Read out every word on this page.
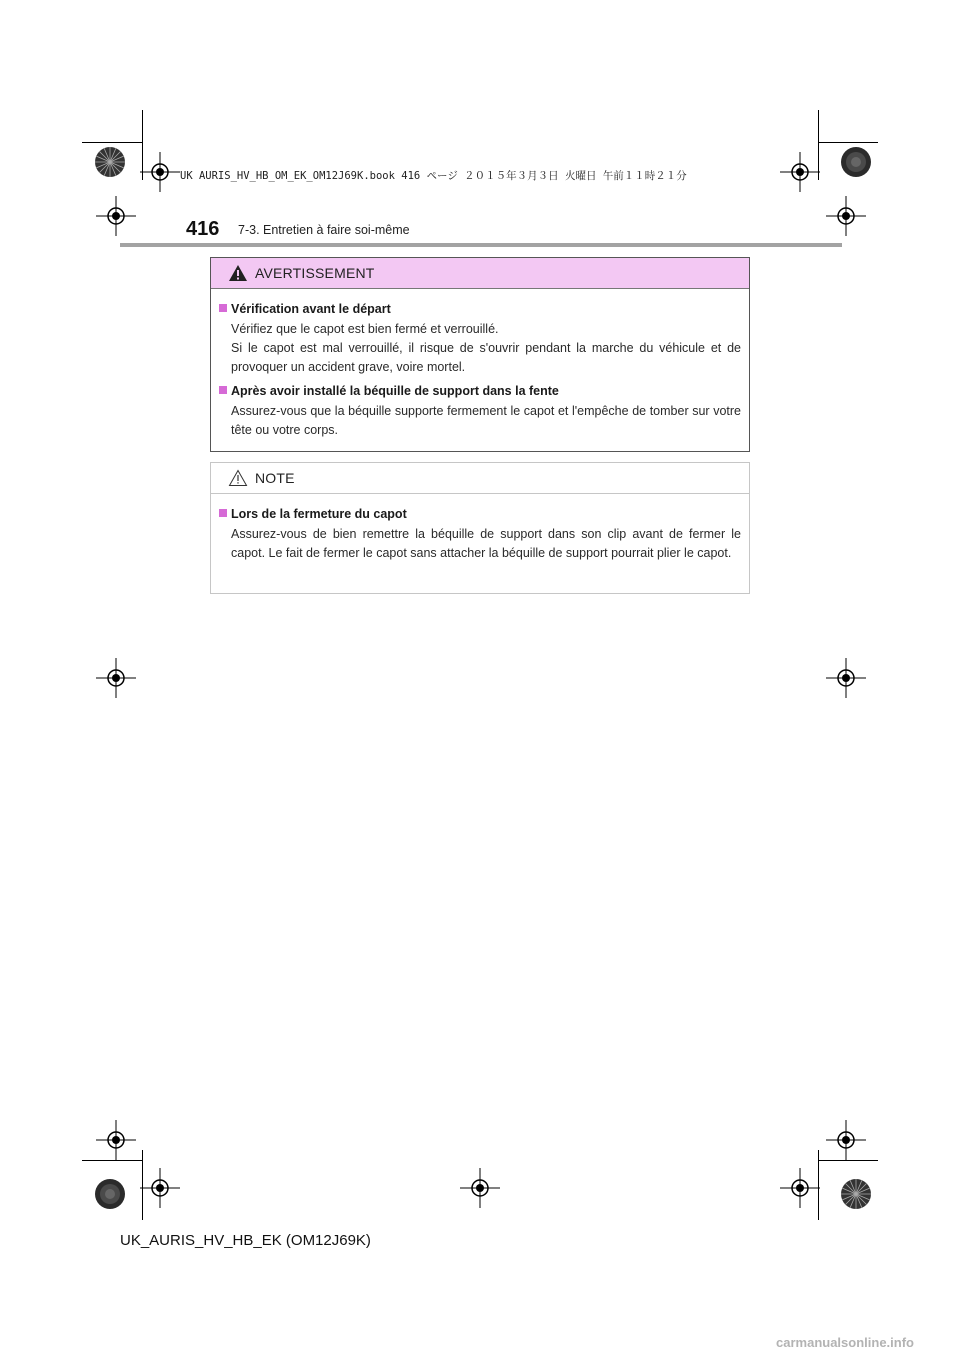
UK AURIS_HV_HB_OM_EK_OM12J69K.book 416 ページ ２０１５年３月３日 火曜日 午前１１時２１分
416 7-3. Entretien à faire soi-même
AVERTISSEMENT
Vérification avant le départ
Vérifiez que le capot est bien fermé et verrouillé.
Si le capot est mal verrouillé, il risque de s'ouvrir pendant la marche du véhicule et de provoquer un accident grave, voire mortel.
Après avoir installé la béquille de support dans la fente
Assurez-vous que la béquille supporte fermement le capot et l'empêche de tomber sur votre tête ou votre corps.
NOTE
Lors de la fermeture du capot
Assurez-vous de bien remettre la béquille de support dans son clip avant de fermer le capot. Le fait de fermer le capot sans attacher la béquille de support pourrait plier le capot.
UK_AURIS_HV_HB_EK (OM12J69K)
carmanualsonline.info
